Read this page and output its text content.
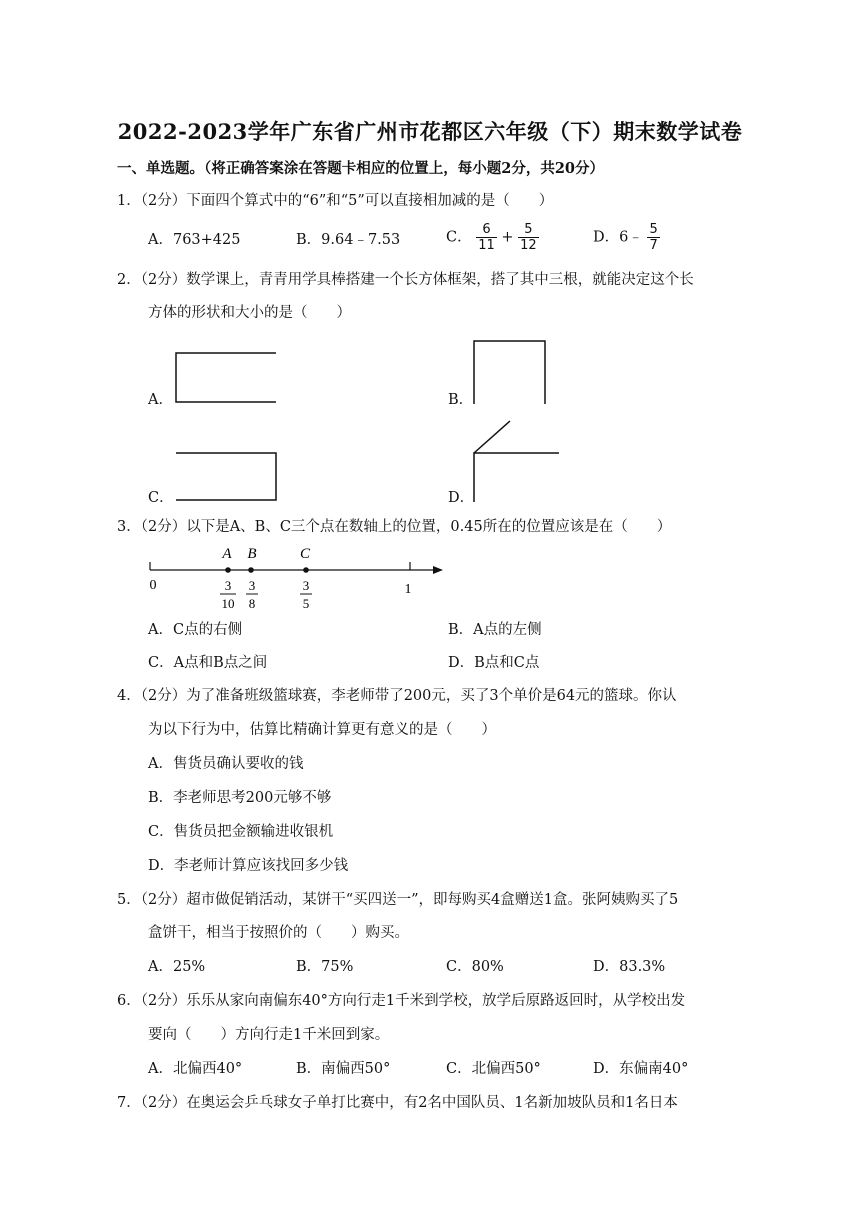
2022-2023学年广东省广州市花都区六年级（下）期末数学试卷
一、单选题。（将正确答案涂在答题卡相应的位置上，每小题2分，共20分）
1．（2分）下面四个算式中的“6”和“5”可以直接相加减的是（　　）
A．763+425	B．9.64﹣7.53	C． $\frac{6}{11} + \frac{5}{12}$	D．6﹣ $\frac{5}{7}$
2．（2分）数学课上，青青用学具棒搭建一个长方体框架，搭了其中三根，就能决定这个长
方体的形状和大小的是（　　）
A．	B．
C．	D．
3．（2分）以下是A、B、C三个点在数轴上的位置，0.45所在的位置应该是在（　　）
A B	C
0	1
3
10
3
8
3
5
A．C点的右侧	B．A点的左侧
C．A点和B点之间	D．B点和C点
4．（2分）为了准备班级篮球赛，李老师带了200元，买了3个单价是64元的篮球。你认
为以下行为中，估算比精确计算更有意义的是（　　）
A．售货员确认要收的钱
B．李老师思考200元够不够
C．售货员把金额输进收银机
D．李老师计算应该找回多少钱
5．（2分）超市做促销活动，某饼干“买四送一”，即每购买4盒赠送1盒。张阿姨购买了5
盒饼干，相当于按照价的（　　）购买。
A．25%	B．75%	C．80%	D．83.3%
6．（2分）乐乐从家向南偏东40°方向行走1千米到学校，放学后原路返回时，从学校出发
要向（　　）方向行走1千米回到家。
A．北偏西40°	B．南偏西50°	C．北偏西50°	D．东偏南40°
7．（2分）在奥运会乒乓球女子单打比赛中，有2名中国队员、1名新加坡队员和1名日本
